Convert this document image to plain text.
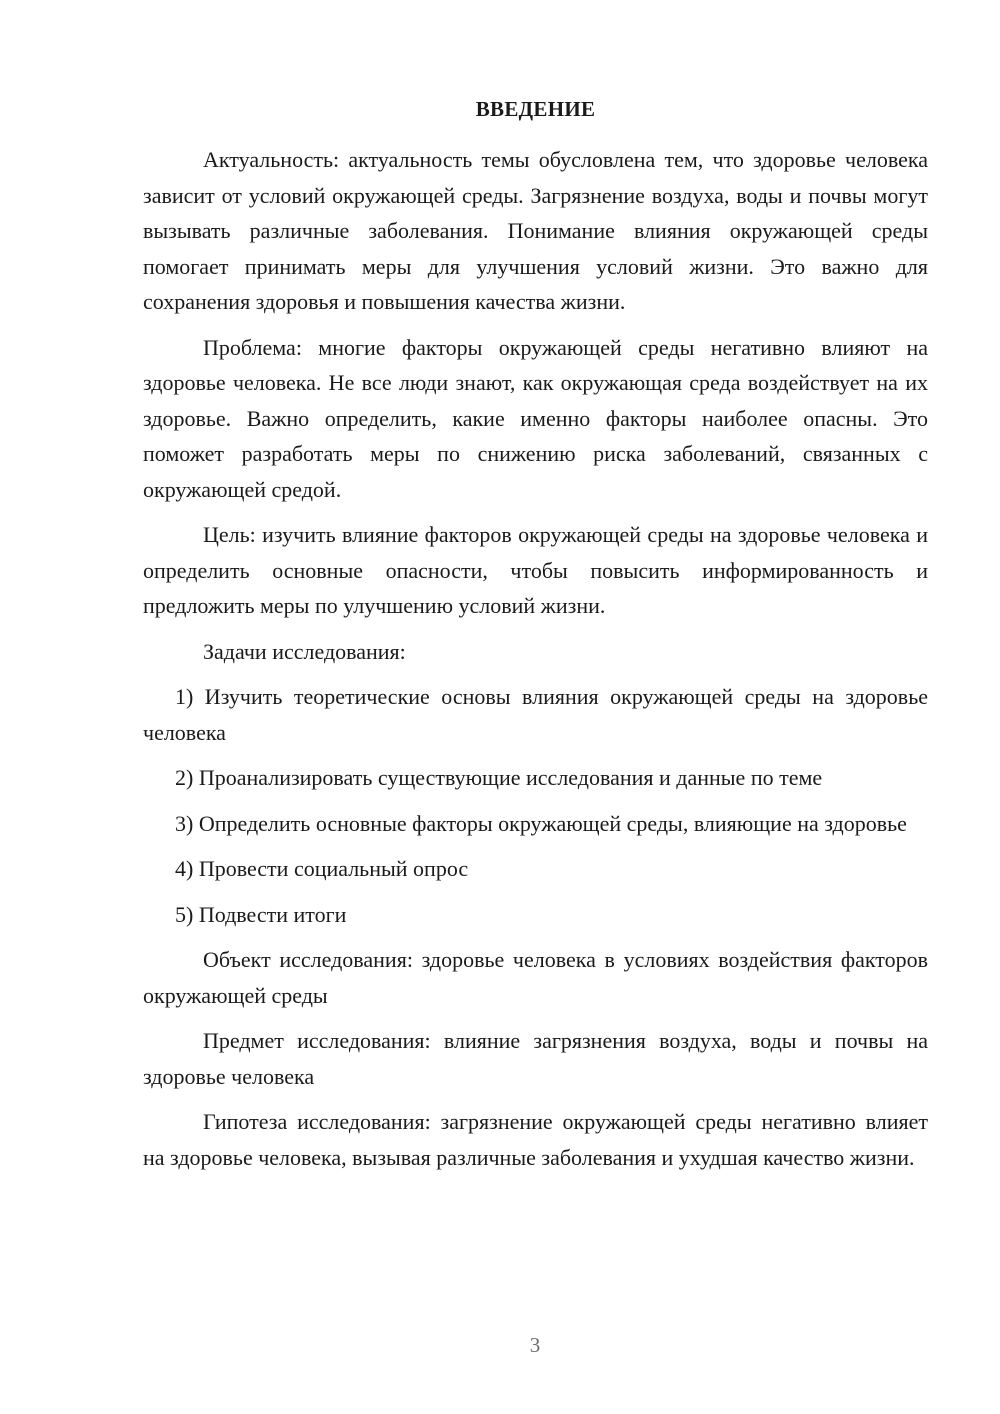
ВВЕДЕНИЕ

Актуальность: актуальность темы обусловлена тем, что здоровье человека зависит от условий окружающей среды. Загрязнение воздуха, воды и почвы могут вызывать различные заболевания. Понимание влияния окружающей среды помогает принимать меры для улучшения условий жизни. Это важно для сохранения здоровья и повышения качества жизни.

Проблема: многие факторы окружающей среды негативно влияют на здоровье человека. Не все люди знают, как окружающая среда воздействует на их здоровье. Важно определить, какие именно факторы наиболее опасны. Это поможет разработать меры по снижению риска заболеваний, связанных с окружающей средой.

Цель: изучить влияние факторов окружающей среды на здоровье человека и определить основные опасности, чтобы повысить информированность и предложить меры по улучшению условий жизни.

Задачи исследования:

1) Изучить теоретические основы влияния окружающей среды на здоровье человека

2) Проанализировать существующие исследования и данные по теме

3) Определить основные факторы окружающей среды, влияющие на здоровье

4) Провести социальный опрос

5) Подвести итоги

Объект исследования: здоровье человека в условиях воздействия факторов окружающей среды

Предмет исследования: влияние загрязнения воздуха, воды и почвы на здоровье человека

Гипотеза исследования: загрязнение окружающей среды негативно влияет на здоровье человека, вызывая различные заболевания и ухудшая качество жизни.

3
